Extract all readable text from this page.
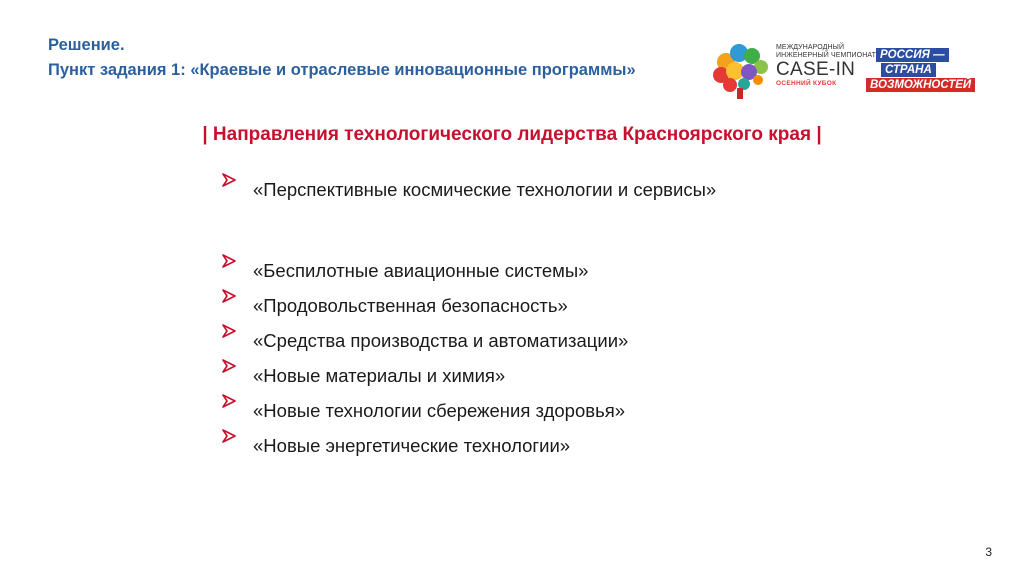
Решение.
Пункт задания 1: «Краевые и отраслевые инновационные программы»
МЕЖДУНАРОДНЫЙ
ИНЖЕНЕРНЫЙ ЧЕМПИОНАТ
CASE-IN
ОСЕННИЙ КУБОК
РОССИЯ —
СТРАНА
ВОЗМОЖНОСТЕЙ
| Направления технологического лидерства Красноярского края |
«Перспективные космические технологии и сервисы»
«Беспилотные авиационные системы»
«Продовольственная безопасность»
«Средства производства и автоматизации»
«Новые материалы и химия»
«Новые технологии сбережения здоровья»
«Новые энергетические технологии»
3
